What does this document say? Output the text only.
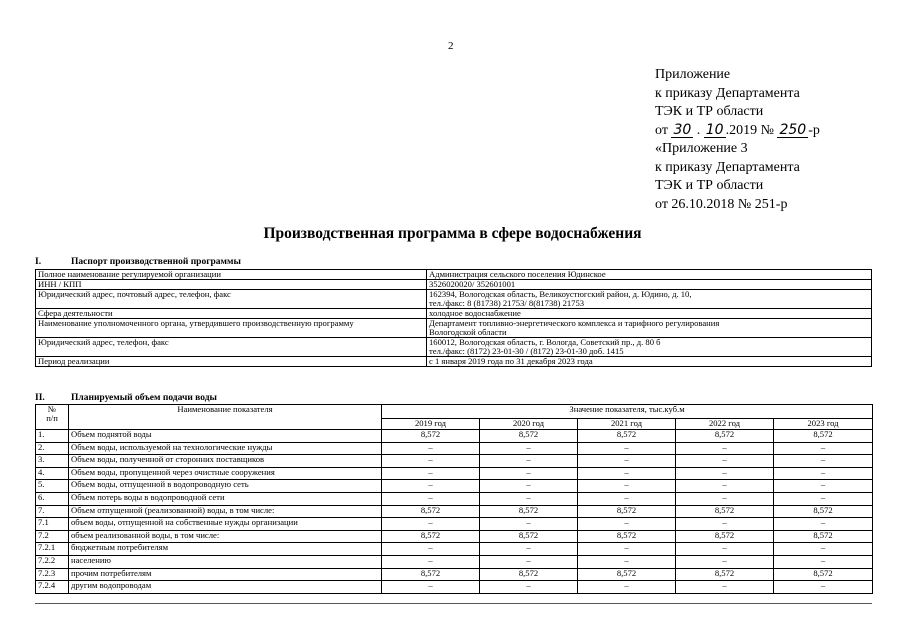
2
Приложение
к приказу Департамента
ТЭК и ТР области
от 30 . 10 .2019 № 250 -р
«Приложение 3
к приказу Департамента
ТЭК и ТР области
от 26.10.2018 № 251-р
Производственная программа в сфере водоснабжения
I.	Паспорт производственной программы
Полное наименование регулируемой организации	Администрация сельского поселения Юдинское

ИНН / КПП	3526020020/ 352601001

Юридический адрес, почтовый адрес, телефон, факс	162394, Вологодская область, Великоустюгский район, д. Юдино, д. 10,
тел./факс: 8 (81738) 21753/ 8(81738) 21753

Сфера деятельности	холодное водоснабжение

Наименование уполномоченного органа, утвердившего производственную программу	Департамент топливно-энергетического комплекса и тарифного регулирования
Вологодской области

Юридический адрес, телефон, факс	160012, Вологодская область, г. Вологда, Советский пр., д. 80 б
тел./факс: (8172) 23-01-30 / (8172) 23-01-30 доб. 1415

Период реализации	с 1 января 2019 года по 31 декабря 2023 года
II.	Планируемый объем подачи воды
№
п/п	Наименование показателя	Значение показателя, тыс.куб.м				
		2019 год	2020 год	2021 год	2022 год	2023 год
1.	Объем поднятой воды	8,572	8,572	8,572	8,572	8,572
2.	Объем воды, используемой на технологические нужды	–	–	–	–	–
3.	Объем воды, полученной от сторонних поставщиков	–	–	–	–	–
4.	Объем воды, пропущенной через очистные сооружения	–	–	–	–	–
5.	Объем воды, отпущенной в водопроводную сеть	–	–	–	–	–
6.	Объем потерь воды в водопроводной сети	–	–	–	–	–
7.	Объем отпущенной (реализованной) воды, в том числе:	8,572	8,572	8,572	8,572	8,572
7.1	объем воды, отпущенной на собственные нужды организации	–	–	–	–	–
7.2	объем реализованной воды, в том числе:	8,572	8,572	8,572	8,572	8,572
7.2.1	бюджетным потребителям	–	–	–	–	–
7.2.2	населению	–	–	–	–	–
7.2.3	прочим потребителям	8,572	8,572	8,572	8,572	8,572
7.2.4	другим водопроводам	–	–	–	–	–
